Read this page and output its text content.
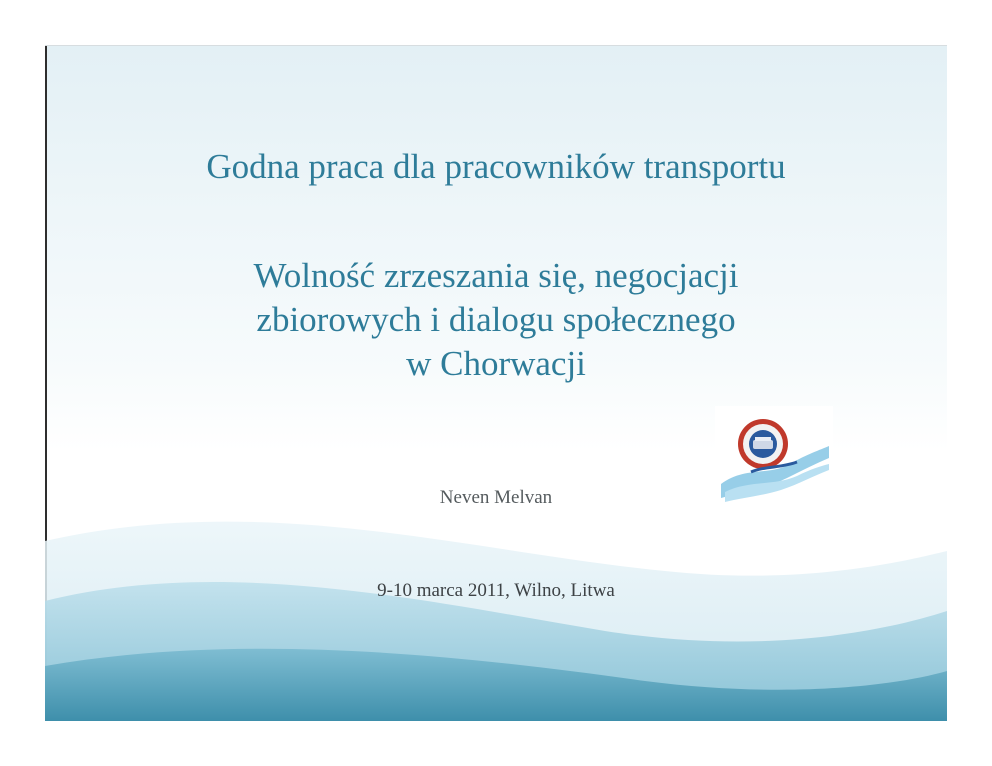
Godna praca dla pracowników transportu
Wolność zrzeszania się, negocjacji
zbiorowych i dialogu społecznego
w Chorwacji
Neven Melvan
9-10 marca 2011, Wilno, Litwa
